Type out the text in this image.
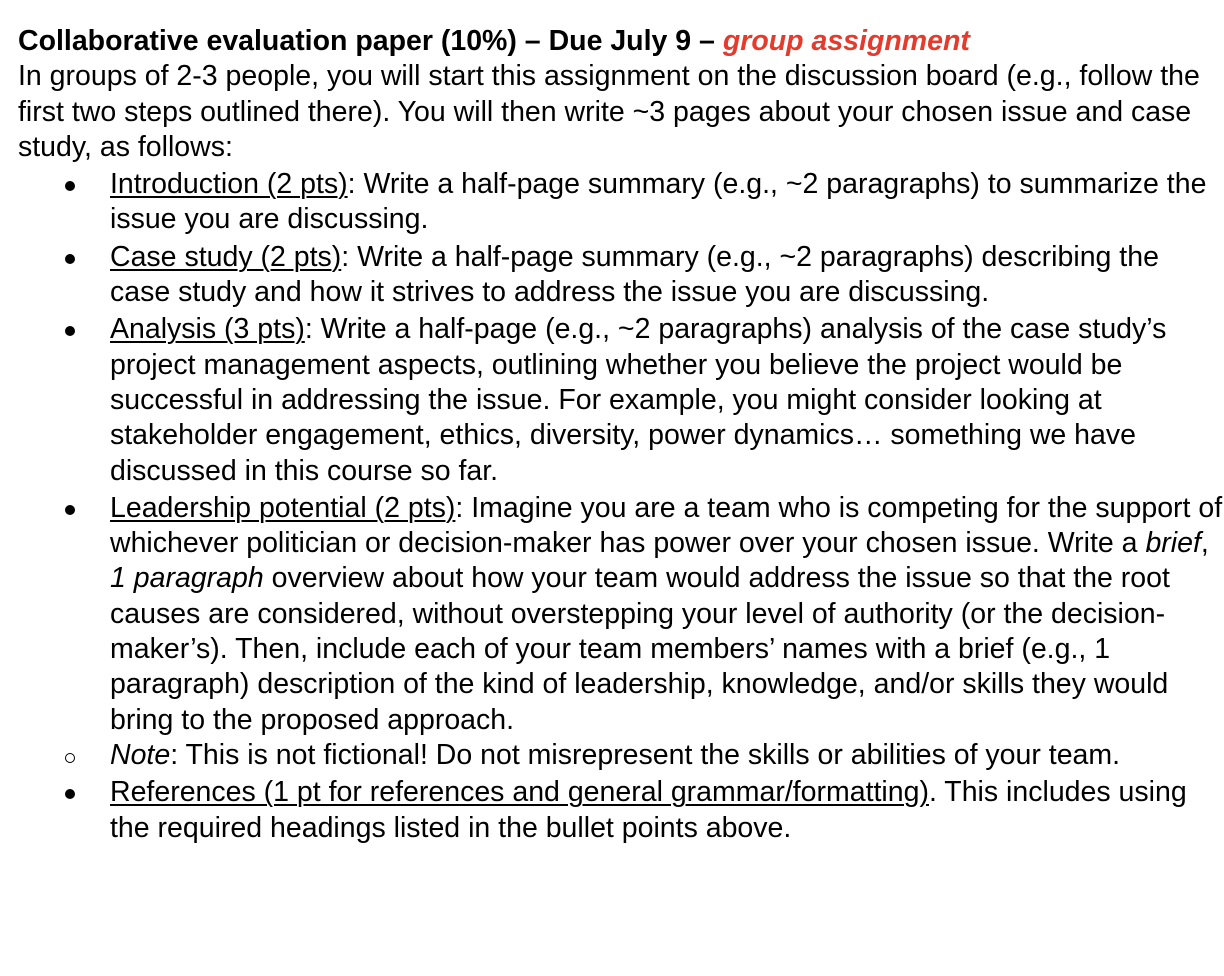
Collaborative evaluation paper (10%) – Due July 9 – group assignment

In groups of 2-3 people, you will start this assignment on the discussion board (e.g., follow the first two steps outlined there). You will then write ~3 pages about your chosen issue and case study, as follows:

Introduction (2 pts): Write a half-page summary (e.g., ~2 paragraphs) to summarize the issue you are discussing.
Case study (2 pts): Write a half-page summary (e.g., ~2 paragraphs) describing the case study and how it strives to address the issue you are discussing.
Analysis (3 pts): Write a half-page (e.g., ~2 paragraphs) analysis of the case study’s project management aspects, outlining whether you believe the project would be successful in addressing the issue. For example, you might consider looking at stakeholder engagement, ethics, diversity, power dynamics… something we have discussed in this course so far.
Leadership potential (2 pts): Imagine you are a team who is competing for the support of whichever politician or decision-maker has power over your chosen issue. Write a brief, 1 paragraph overview about how your team would address the issue so that the root causes are considered, without overstepping your level of authority (or the decision-maker’s). Then, include each of your team members’ names with a brief (e.g., 1 paragraph) description of the kind of leadership, knowledge, and/or skills they would bring to the proposed approach.
Note: This is not fictional! Do not misrepresent the skills or abilities of your team.
References (1 pt for references and general grammar/formatting). This includes using the required headings listed in the bullet points above.
